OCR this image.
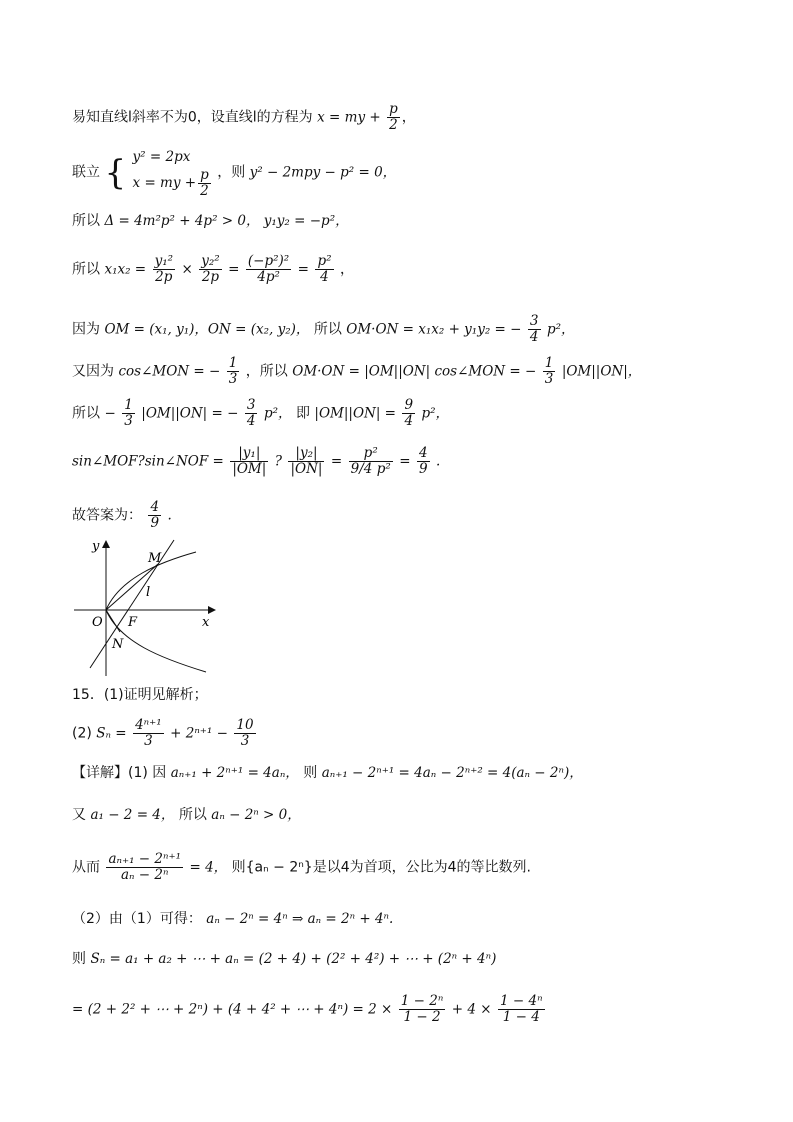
易知直线l斜率不为0，设直线l的方程为 x = my + $\frac{p}{2}$ ，
联立 { y² = 2px
x = my + $\frac{p}{2}$ ，则 y² − 2mpy − p² = 0，
所以 Δ = 4m²p² + 4p² > 0， y₁y₂ = −p²，
所以 $x_1x_2 = \frac{\text{y₁²}}{2p} \times \frac{\text{y₂²}}{2p} = \frac{\text{(−p²)²}}{\text{4p²}} = \frac{\text{p²}}{4}$ ，
因为 OM = (x₁, y₁)，ON = (x₂, y₂)， 所以 OM·ON = x₁x₂ + y₁y₂ = − $\frac{3}{4} p^2$，
又因为 cos∠MON = − $\frac{1}{3}$ ，所以 OM·ON = |OM||ON| cos∠MON = − $\frac{1}{3} |OM||ON|$，
所以 − $\frac{1}{3} |OM||ON|$ = − $\frac{3}{4} p^2$， 即 $|OM||ON| = \frac{9}{4} p^2$，
sin∠MOF?sin∠NOF = $\frac{\text{|y₁|}}{|OM|}$ ? $\frac{\text{|y₂|}}{|ON|} = \frac{\text{p²}}{\text{9/4 p²}} = \frac{4}{9}$ .
故答案为： $\frac{4}{9}$ .
y
x
O F
M
N
l
15．(1)证明见解析；
(2) $S_n = \frac{\text{4ⁿ⁺¹}}{3} + 2^{n+1} - \frac{10}{3}$
【详解】(1) 因 aₙ₊₁ + 2ⁿ⁺¹ = 4aₙ， 则 aₙ₊₁ − 2ⁿ⁺¹ = 4aₙ − 2ⁿ⁺² = 4(aₙ − 2ⁿ)，
又 a₁ − 2 = 4， 所以 aₙ − 2ⁿ > 0，
从而 $\frac{\text{aₙ₊₁ − 2ⁿ⁺¹}}{\text{aₙ − 2ⁿ}} = 4$， 则{aₙ − 2ⁿ}是以4为首项，公比为4的等比数列.
（2）由（1）可得： aₙ − 2ⁿ = 4ⁿ ⇒ aₙ = 2ⁿ + 4ⁿ.
则 Sₙ = a₁ + a₂ + ⋯ + aₙ = (2 + 4) + (2² + 4²) + ⋯ + (2ⁿ + 4ⁿ)
= (2 + 2² + ⋯ + 2ⁿ) + (4 + 4² + ⋯ + $4^n) = 2 \times \frac{\text{1 − 2ⁿ}}{1 - 2} + 4 \times \frac{\text{1 − 4ⁿ}}{1 - 4}$
